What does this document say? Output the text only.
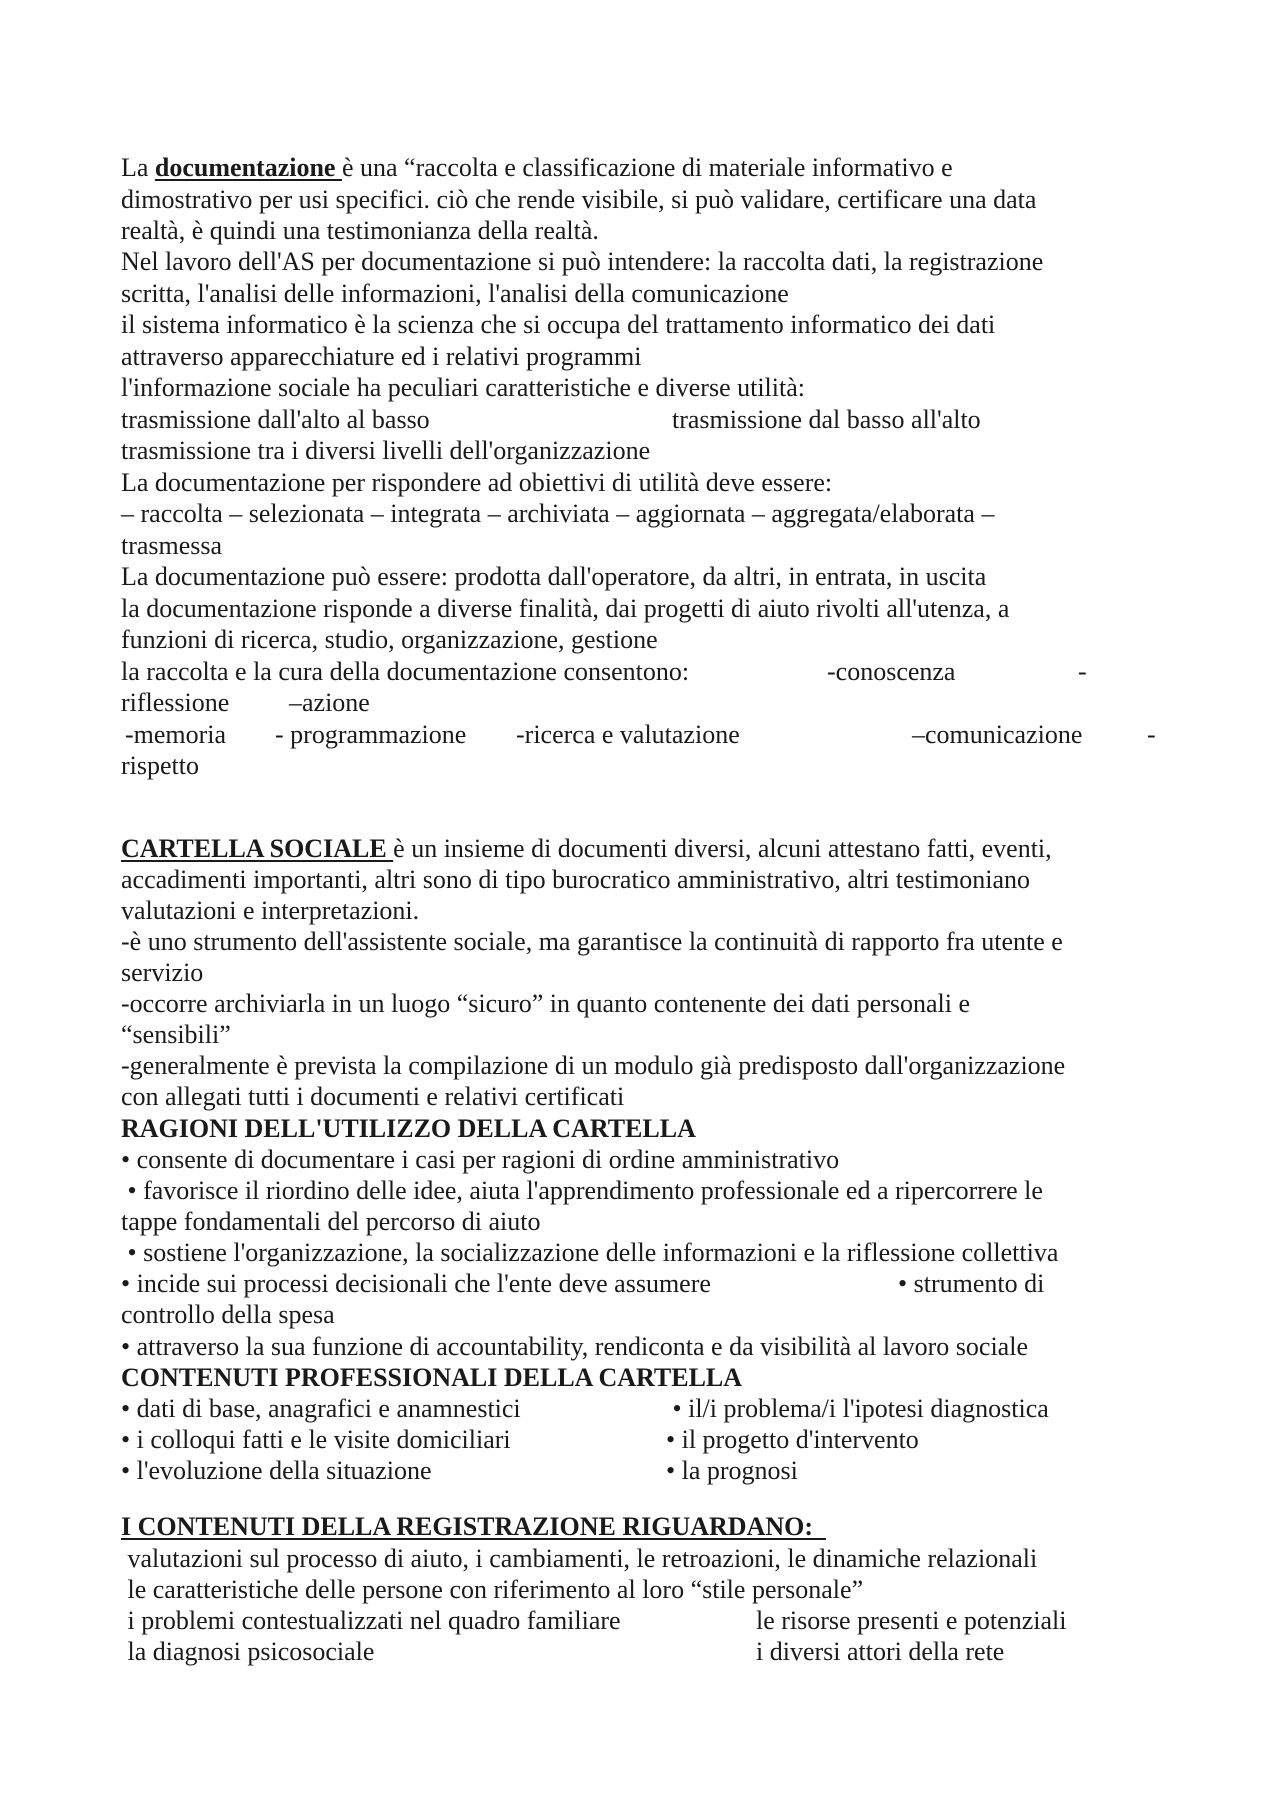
La documentazione è una “raccolta e classificazione di materiale informativo e
dimostrativo per usi specifici. ciò che rende visibile, si può validare, certificare una data
realtà, è quindi una testimonianza della realtà.
Nel lavoro dell'AS per documentazione si può intendere: la raccolta dati, la registrazione
scritta, l'analisi delle informazioni, l'analisi della comunicazione
il sistema informatico è la scienza che si occupa del trattamento informatico dei dati
attraverso apparecchiature ed i relativi programmi
l'informazione sociale ha peculiari caratteristiche e diverse utilità:
trasmissione dall'alto al basso	trasmissione dal basso all'alto
trasmissione tra i diversi livelli dell'organizzazione
La documentazione per rispondere ad obiettivi di utilità deve essere:
– raccolta – selezionata – integrata – archiviata – aggiornata – aggregata/elaborata –
trasmessa
La documentazione può essere: prodotta dall'operatore, da altri, in entrata, in uscita
la documentazione risponde a diverse finalità, dai progetti di aiuto rivolti all'utenza, a
funzioni di ricerca, studio, organizzazione, gestione
la raccolta e la cura della documentazione consentono:	-conoscenza	-
riflessione –azione
-memoria - programmazione -ricerca e valutazione	–comunicazione -
rispetto
CARTELLA SOCIALE è un insieme di documenti diversi, alcuni attestano fatti, eventi,
accadimenti importanti, altri sono di tipo burocratico amministrativo, altri testimoniano
valutazioni e interpretazioni.
-è uno strumento dell'assistente sociale, ma garantisce la continuità di rapporto fra utente e
servizio
-occorre archiviarla in un luogo “sicuro” in quanto contenente dei dati personali e
“sensibili”
-generalmente è prevista la compilazione di un modulo già predisposto dall'organizzazione
con allegati tutti i documenti e relativi certificati
RAGIONI DELL'UTILIZZO DELLA CARTELLA
• consente di documentare i casi per ragioni di ordine amministrativo
• favorisce il riordino delle idee, aiuta l'apprendimento professionale ed a ripercorrere le
tappe fondamentali del percorso di aiuto
• sostiene l'organizzazione, la socializzazione delle informazioni e la riflessione collettiva
• incide sui processi decisionali che l'ente deve assumere	• strumento di
controllo della spesa
• attraverso la sua funzione di accountability, rendiconta e da visibilità al lavoro sociale
CONTENUTI PROFESSIONALI DELLA CARTELLA
• dati di base, anagrafici e anamnestici	• il/i problema/i l'ipotesi diagnostica
• i colloqui fatti e le visite domiciliari	• il progetto d'intervento
• l'evoluzione della situazione	• la prognosi
I CONTENUTI DELLA REGISTRAZIONE RIGUARDANO:
valutazioni sul processo di aiuto, i cambiamenti, le retroazioni, le dinamiche relazionali
le caratteristiche delle persone con riferimento al loro “stile personale”
i problemi contestualizzati nel quadro familiare	le risorse presenti e potenziali
la diagnosi psicosociale	i diversi attori della rete
